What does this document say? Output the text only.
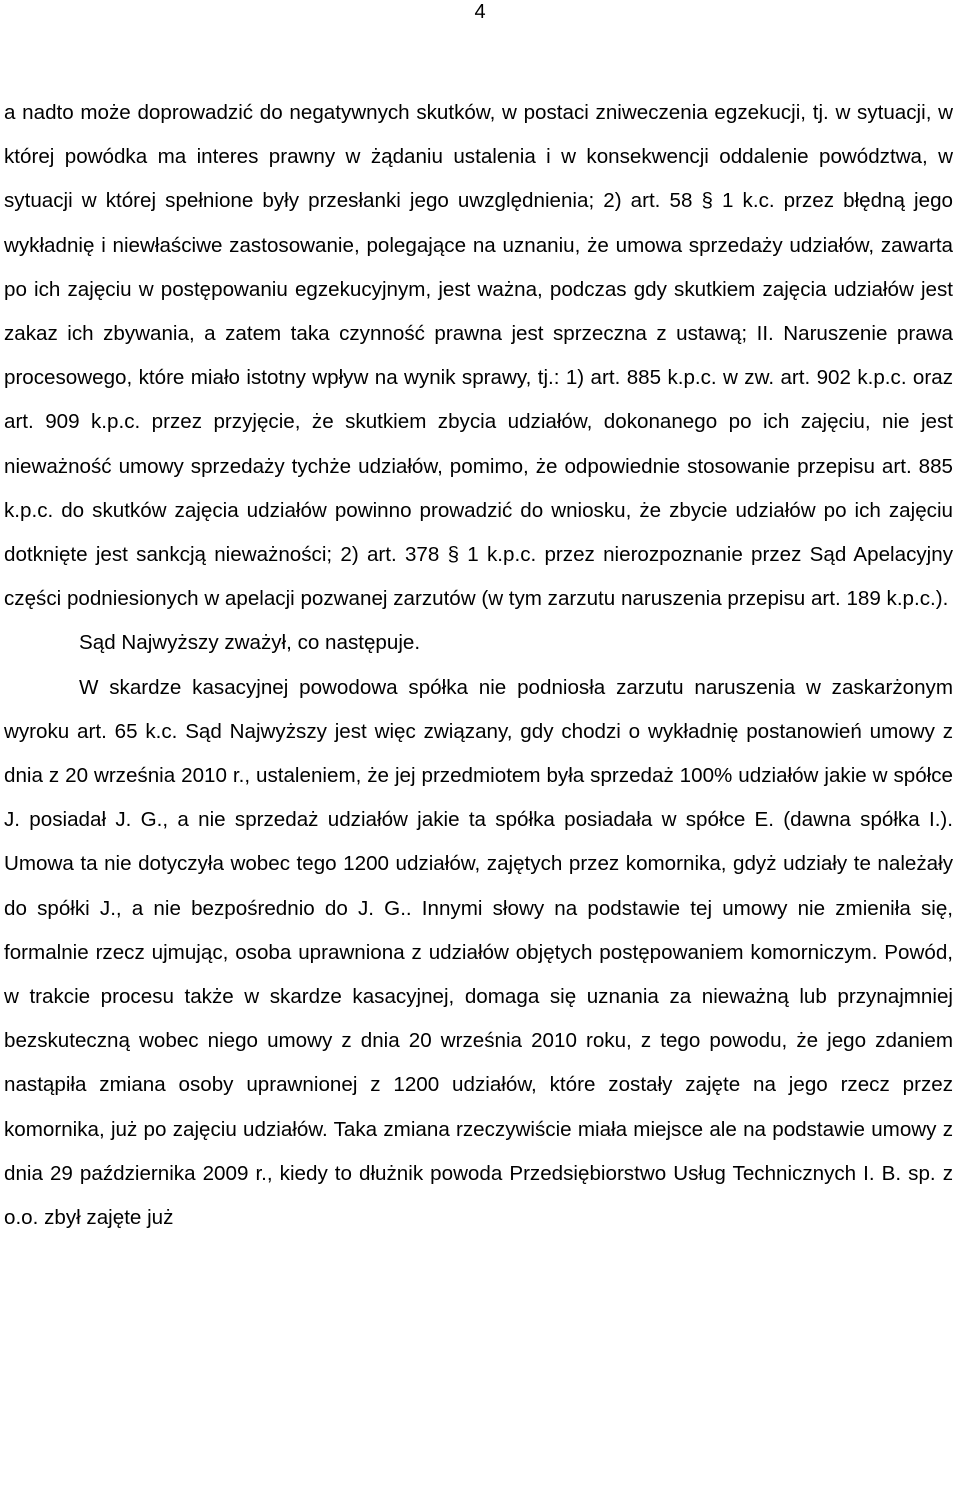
4

a nadto może doprowadzić do negatywnych skutków, w postaci zniweczenia egzekucji, tj. w sytuacji, w której powódka ma interes prawny w żądaniu ustalenia i w konsekwencji oddalenie powództwa, w sytuacji w której spełnione były przesłanki jego uwzględnienia; 2) art. 58 § 1 k.c. przez błędną jego wykładnię i niewłaściwe zastosowanie, polegające na uznaniu, że umowa sprzedaży udziałów, zawarta po ich zajęciu w postępowaniu egzekucyjnym, jest ważna, podczas gdy skutkiem zajęcia udziałów jest zakaz ich zbywania, a zatem taka czynność prawna jest sprzeczna z ustawą; II. Naruszenie prawa procesowego, które miało istotny wpływ na wynik sprawy, tj.: 1) art. 885 k.p.c. w zw. art. 902 k.p.c. oraz art. 909 k.p.c. przez przyjęcie, że skutkiem zbycia udziałów, dokonanego po ich zajęciu, nie jest nieważność umowy sprzedaży tychże udziałów, pomimo, że odpowiednie stosowanie przepisu art. 885 k.p.c. do skutków zajęcia udziałów powinno prowadzić do wniosku, że zbycie udziałów po ich zajęciu dotknięte jest sankcją nieważności; 2) art. 378 § 1 k.p.c. przez nierozpoznanie przez Sąd Apelacyjny części podniesionych w apelacji pozwanej zarzutów (w tym zarzutu naruszenia przepisu art. 189 k.p.c.).

Sąd Najwyższy zważył, co następuje.

W skardze kasacyjnej powodowa spółka nie podniosła zarzutu naruszenia w zaskarżonym wyroku art. 65 k.c. Sąd Najwyższy jest więc związany, gdy chodzi o wykładnię postanowień umowy z dnia z 20 września 2010 r., ustaleniem, że jej przedmiotem była sprzedaż 100% udziałów jakie w spółce J. posiadał J. G., a nie sprzedaż udziałów jakie ta spółka posiadała w spółce E. (dawna spółka I.). Umowa ta nie dotyczyła wobec tego 1200 udziałów, zajętych przez komornika, gdyż udziały te należały do spółki J., a nie bezpośrednio do J. G.. Innymi słowy na podstawie tej umowy nie zmieniła się, formalnie rzecz ujmując, osoba uprawniona z udziałów objętych postępowaniem komorniczym. Powód, w trakcie procesu także w skardze kasacyjnej, domaga się uznania za nieważną lub przynajmniej bezskuteczną wobec niego umowy z dnia 20 września 2010 roku, z tego powodu, że jego zdaniem nastąpiła zmiana osoby uprawnionej z 1200 udziałów, które zostały zajęte na jego rzecz przez komornika, już po zajęciu udziałów. Taka zmiana rzeczywiście miała miejsce ale na podstawie umowy z dnia 29 października 2009 r., kiedy to dłużnik powoda Przedsiębiorstwo Usług Technicznych I. B. sp. z o.o. zbył zajęte już
